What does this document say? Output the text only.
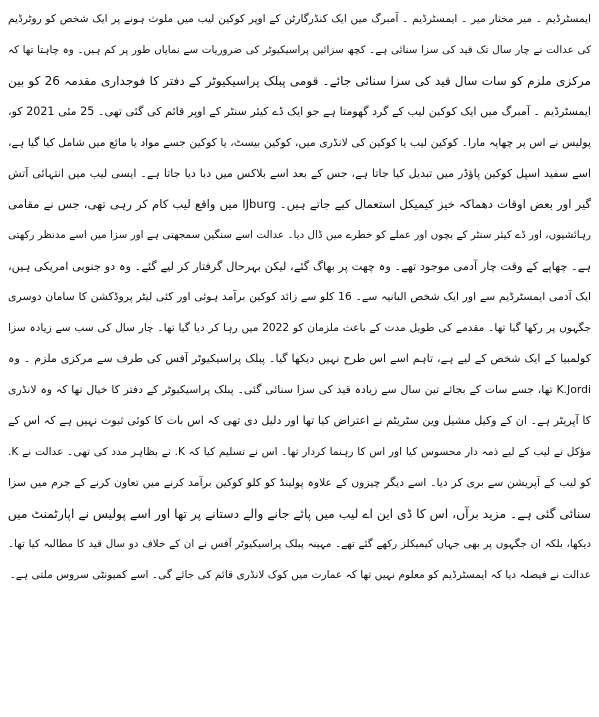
ایمسٹرڈیم ۔ میر مختار میر ۔ ایمسٹرڈیم ۔ آمبرگ میں ایک کنڈرگارٹن کے اوپر کوکین لیب میں ملوث ہونے پر ایک شخص کو روٹرڈیم
کی عدالت نے چار سال تک قید کی سزا سنائی ہے۔ کچھ سزائیں پراسیکیوٹر کی ضروریات سے نمایاں طور پر کم ہیں۔ وہ چاہتا تھا کہ
مرکزی ملزم کو سات سال قید کی سزا سنائی جائے۔ قومی پبلک پراسیکیوٹر کے دفتر کا فوجداری مقدمہ 26 کو بین
ایمسٹرڈیم ۔ آمبرگ میں ایک کوکین لیب کے گرد گھومتا ہے جو ایک ڈے کیئر سنٹر کے اوپر قائم کی گئی تھی۔ 25 مئی 2021 کو،
پولیس نے اس پر چھاپہ مارا۔ کوکین لیب یا کوکین کی لانڈری میں، کوکین بیسٹ، یا کوکین جسے مواد یا مائع میں شامل کیا گیا ہے،
اسے سفید اسپل کوکین پاؤڈر میں تبدیل کیا جاتا ہے، جس کے بعد اسے بلاکس میں دبا دیا جاتا ہے۔ ایسی لیب میں انتہائی آتش
گیر اور بعض اوقات دھماکہ خیز کیمیکل استعمال کیے جاتے ہیں۔ IJburg میں واقع لیب کام کر رہی تھی، جس نے مقامی
رہائشیوں، اور ڈے کیئر سنٹر کے بچوں اور عملے کو خطرے میں ڈال دیا۔ عدالت اسے سنگین سمجھتی ہے اور سزا میں اسے مدنظر رکھتی
ہے۔ چھاپے کے وقت چار آدمی موجود تھے۔ وہ چھت پر بھاگ گئے، لیکن بہرحال گرفتار کر لیے گئے۔ وہ دو جنوبی امریکی ہیں،
ایک آدمی ایمسٹرڈیم سے اور ایک شخص البانیہ سے۔ 16 کلو سے زائد کوکین برآمد ہوئی اور کئی لیٹر پروڈکشن کا سامان دوسری
جگہوں پر رکھا گیا تھا۔ مقدمے کی طویل مدت کے باعث ملزمان کو 2022 میں رہا کر دیا گیا تھا۔ چار سال کی سب سے زیادہ سزا
کولمبیا کے ایک شخص کے لیے ہے، تاہم اسے اس طرح نہیں دیکھا گیا۔ پبلک پراسیکیوٹر آفس کی طرف سے مرکزی ملزم ۔ وہ
K.Jordi تھا، جسے سات کے بجائے تین سال سے زیادہ قید کی سزا سنائی گئی۔ پبلک پراسیکیوٹر کے دفتر کا خیال تھا کہ وہ لانڈری
کا آپریٹر ہے۔ ان کے وکیل مشیل وین سٹریٹم نے اعتراض کیا تھا اور دلیل دی تھی کہ اس بات کا کوئی ثبوت نہیں ہے کہ اس کے
مؤکل نے لیب کے لیے ذمہ دار محسوس کیا اور اس کا رہنما کردار تھا۔ اس نے تسلیم کیا کہ K. نے بظاہر مدد کی تھی۔ عدالت نے K.
کو لیب کے آپریشن سے بری کر دیا۔ اسے دیگر چیزوں کے علاوہ پولینڈ کو کلو کوکین برآمد کرنے میں تعاون کرنے کے جرم میں سزا
سنائی گئی ہے۔ مزید برآں، اس کا ڈی این اے لیب میں پائے جانے والے دستانے پر تھا اور اسے پولیس نے اپارٹمنٹ میں
دیکھا، بلکہ ان جگہوں پر بھی جہاں کیمیکلز رکھے گئے تھے۔ مہینہ پبلک پراسیکیوٹر آفس نے ان کے خلاف دو سال قید کا مطالبہ کیا تھا۔
عدالت نے فیصلہ دیا کہ ایمسٹرڈیم کو معلوم نہیں تھا کہ عمارت میں کوک لانڈری قائم کی جائے گی۔ اسے کمیونٹی سروس ملتی ہے۔
